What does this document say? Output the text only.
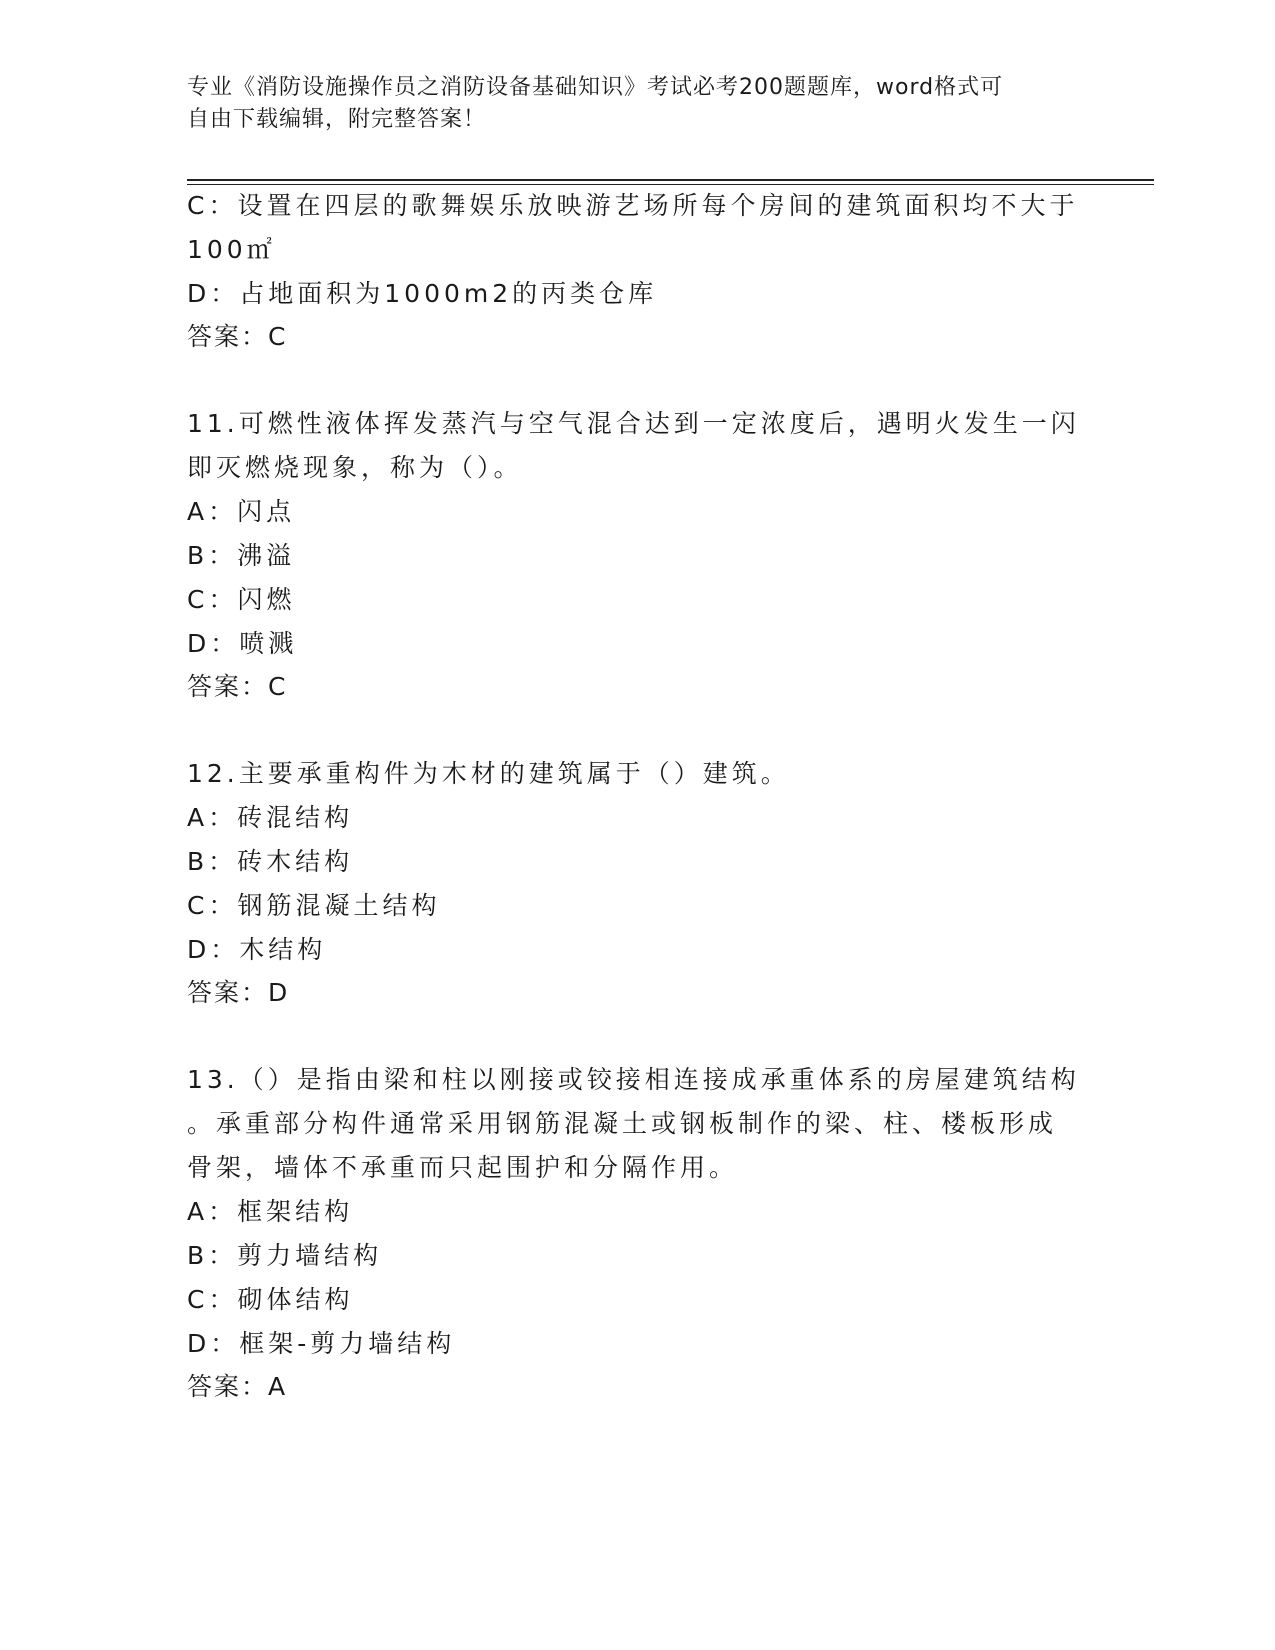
专业《消防设施操作员之消防设备基础知识》考试必考200题题库，word格式可
自由下载编辑，附完整答案！
C：设置在四层的歌舞娱乐放映游艺场所每个房间的建筑面积均不大于
100㎡
D：占地面积为1000m2的丙类仓库
答案：C
11.可燃性液体挥发蒸汽与空气混合达到一定浓度后，遇明火发生一闪
即灭燃烧现象，称为（）。
A：闪点
B：沸溢
C：闪燃
D：喷溅
答案：C
12.主要承重构件为木材的建筑属于（）建筑。
A：砖混结构
B：砖木结构
C：钢筋混凝土结构
D：木结构
答案：D
13.（）是指由梁和柱以刚接或铰接相连接成承重体系的房屋建筑结构
。承重部分构件通常采用钢筋混凝土或钢板制作的梁、柱、楼板形成
骨架，墙体不承重而只起围护和分隔作用。
A：框架结构
B：剪力墙结构
C：砌体结构
D：框架-剪力墙结构
答案：A
